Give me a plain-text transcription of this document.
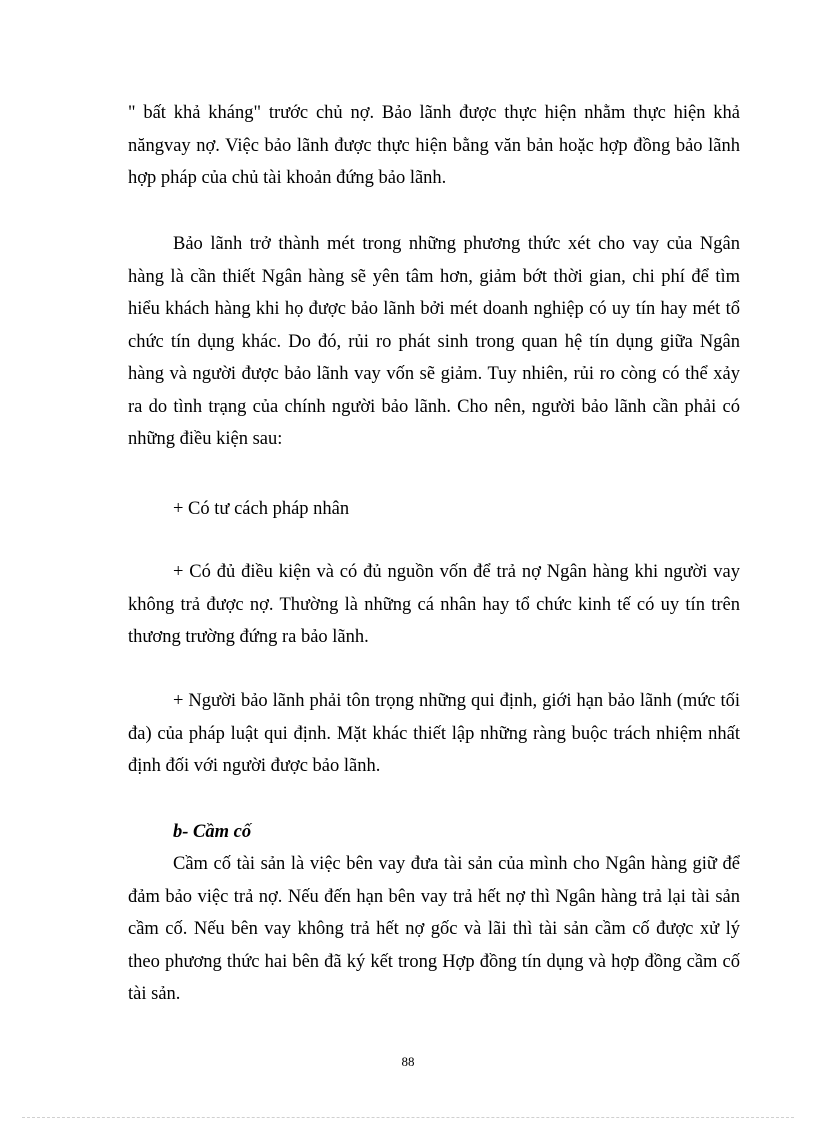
" bất khả kháng" trước chủ nợ. Bảo lãnh được thực hiện nhằm thực hiện khả năngvay nợ. Việc bảo lãnh được thực hiện bằng văn bản hoặc hợp đồng bảo lãnh hợp pháp của chủ tài khoản đứng bảo lãnh.

Bảo lãnh trở thành mét trong những phương thức xét cho vay của Ngân hàng là cần thiết Ngân hàng sẽ yên tâm hơn, giảm bớt thời gian, chi phí để tìm hiểu khách hàng khi họ được bảo lãnh bởi mét doanh nghiệp có uy tín hay mét tổ chức tín dụng khác. Do đó, rủi ro phát sinh trong quan hệ tín dụng giữa Ngân hàng và người được bảo lãnh vay vốn sẽ giảm. Tuy nhiên, rủi ro còng có thể xảy ra do tình trạng của chính người bảo lãnh. Cho nên, người bảo lãnh cần phải có những điều kiện sau:

+ Có tư cách pháp nhân

+ Có đủ điều kiện và có đủ nguồn vốn để trả nợ Ngân hàng khi người vay không trả được nợ. Thường là những cá nhân hay tổ chức kinh tế có uy tín trên thương trường đứng ra bảo lãnh.

+ Người bảo lãnh phải tôn trọng những qui định, giới hạn bảo lãnh (mức tối đa) của pháp luật qui định. Mặt khác thiết lập những ràng buộc trách nhiệm nhất định đối với người được bảo lãnh.

b- Cầm cố

Cầm cố tài sản là việc bên vay đưa tài sản của mình cho Ngân hàng giữ để đảm bảo việc trả nợ. Nếu đến hạn bên vay trả hết nợ thì Ngân hàng trả lại tài sản cầm cố. Nếu bên vay không trả hết nợ gốc và lãi thì tài sản cầm cố được xử lý theo phương thức hai bên đã ký kết trong Hợp đồng tín dụng và hợp đồng cầm cố tài sản.

88
